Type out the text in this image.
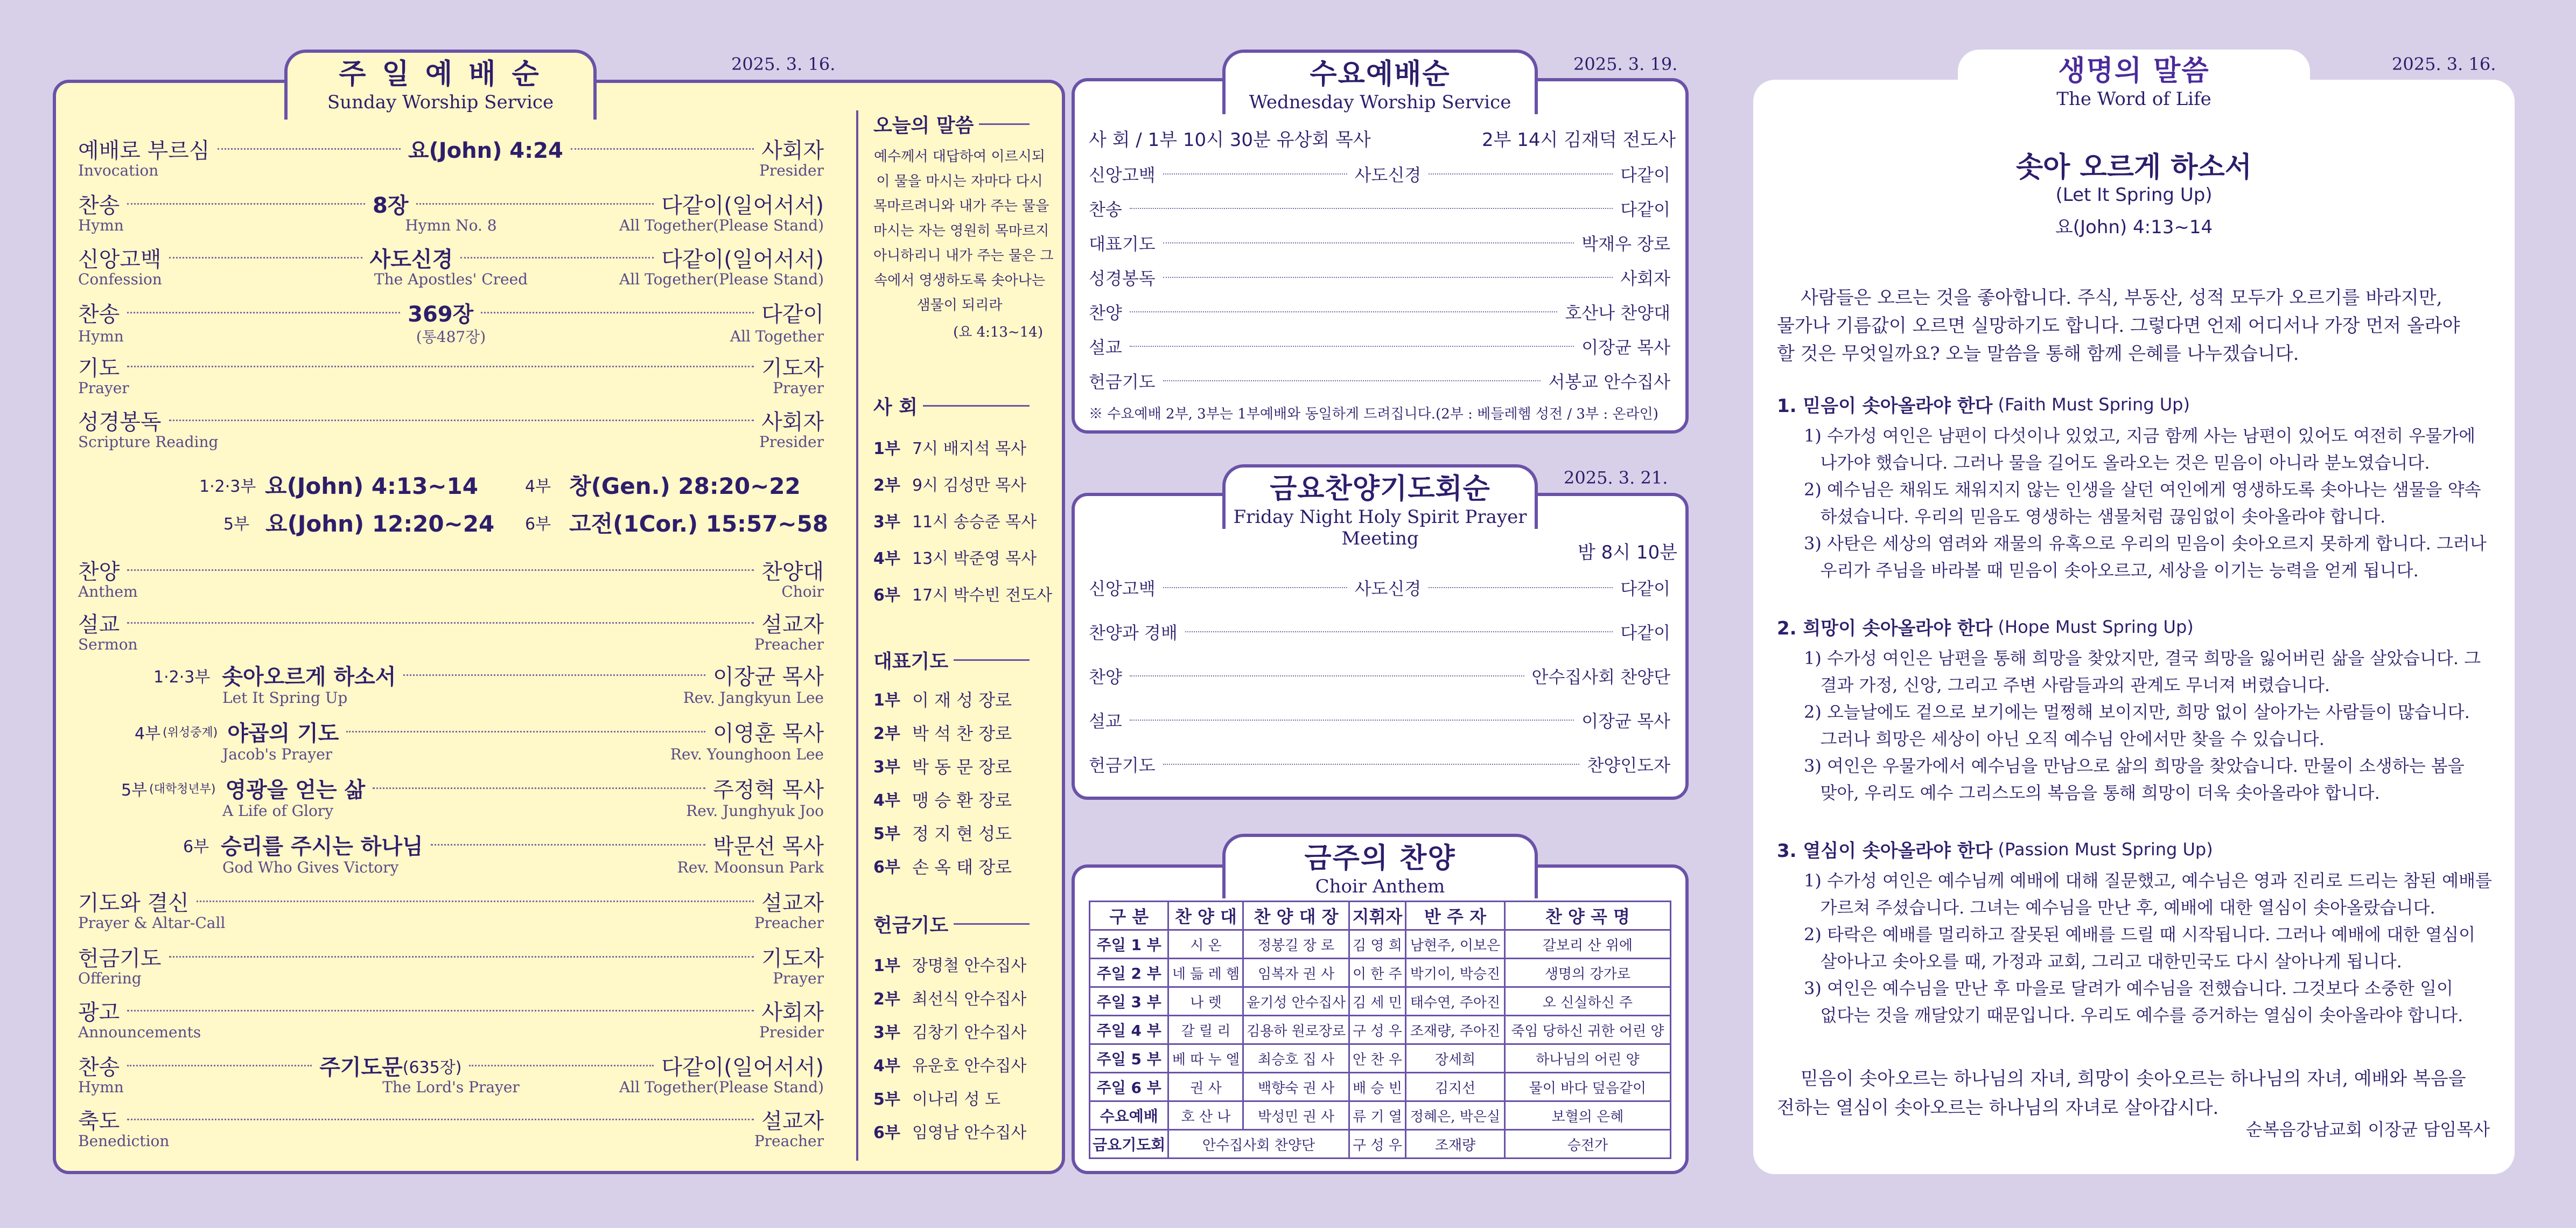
주 일 예 배 순
Sunday Worship Service
2025. 3. 16.
예배로 부르심	요(John) 4:24	사회자
Invocation	Presider
찬송	8장	다같이(일어서서)
Hymn	Hymn No. 8	All Together(Please Stand)
신앙고백	사도신경	다같이(일어서서)
Confession	The Apostles' Creed	All Together(Please Stand)
찬송	369장	다같이
Hymn	(통487장)	All Together
기도	기도자
Prayer	Prayer
성경봉독	사회자
Scripture Reading	Presider
1·2·3부 요(John) 4:13~14	4부 창(Gen.) 28:20~22
5부 요(John) 12:20~24 6부 고전(1Cor.) 15:57~58
찬양	찬양대
Anthem	Choir
설교	설교자
Sermon	Preacher
1·2·3부 솟아오르게 하소서	이장균 목사
Let It Spring Up	Rev. Jangkyun Lee
4부 (위성중계) 야곱의 기도	이영훈 목사
Jacob's Prayer	Rev. Younghoon Lee
5부 (대학청년부) 영광을 얻는 삶	주정혁 목사
A Life of Glory	Rev. Junghyuk Joo
6부 승리를 주시는 하나님	박문선 목사
God Who Gives Victory	Rev. Moonsun Park
기도와 결신	설교자
Prayer & Altar-Call	Preacher
헌금기도	기도자
Offering	Prayer
광고	사회자
Announcements	Presider
찬송	주기도문 (635장)	다같이(일어서서)
Hymn	The Lord's Prayer	All Together(Please Stand)
축도	설교자
Benediction	Preacher
오늘의 말씀
예수께서 대답하여 이르시되
이 물을 마시는 자마다 다시
목마르려니와 내가 주는 물을
마시는 자는 영원히 목마르지
아니하리니 내가 주는 물은 그
속에서 영생하도록 솟아나는
샘물이 되리라
(요 4:13~14)
사 회
1부 7시 배지석 목사
2부 9시 김성만 목사
3부 11시 송승준 목사
4부 13시 박준영 목사
6부 17시 박수빈 전도사
대표기도
1부 이 재 성 장로
2부 박 석 찬 장로
3부 박 동 문 장로
4부 맹 승 환 장로
5부 정 지 현 성도
6부 손 옥 태 장로
헌금기도
1부 장명철 안수집사
2부 최선식 안수집사
3부 김창기 안수집사
4부 유운호 안수집사
5부 이나리 성 도
6부 임영남 안수집사
수요예배순
Wednesday Worship Service
2025. 3. 19.
사 회 / 1부 10시 30분 유상회 목사	2부 14시 김재덕 전도사
신앙고백	사도신경	다같이
찬송	다같이
대표기도	박재우 장로
성경봉독	사회자
찬양	호산나 찬양대
설교	이장균 목사
헌금기도	서봉교 안수집사
※ 수요예배 2부, 3부는 1부예배와 동일하게 드려집니다.(2부 : 베들레헴 성전 / 3부 : 온라인)
금요찬양기도회순
Friday Night Holy Spirit Prayer Meeting
2025. 3. 21.
밤 8시 10분
신앙고백	사도신경	다같이
찬양과 경배	다같이
찬양	안수집사회 찬양단
설교	이장균 목사
헌금기도	찬양인도자
금주의 찬양
Choir Anthem
구 분	찬 양 대	찬 양 대 장	지휘자	반 주 자	찬 양 곡 명
주일 1 부	시 온	정봉길 장 로	김 영 희	남현주, 이보은	갈보리 산 위에
주일 2 부	네 듦 레 헴	임복자 권 사	이 한 주	박기이, 박승진	생명의 강가로
주일 3 부	나 렛	윤기성 안수집사	김 세 민	태수연, 주아진	오 신실하신 주
주일 4 부	갈 릴 리	김용하 원로장로	구 성 우	조재량, 주아진	죽임 당하신 귀한 어린 양
주일 5 부	베 따 누 엘	최승호 집 사	안 찬 우	장세희	하나님의 어린 양
주일 6 부	권 사	백향숙 권 사	배 승 빈	김지선	물이 바다 덮음같이
수요예배	호 산 나	박성민 권 사	류 기 열	정혜은, 박은실	보혈의 은혜
금요기도회	안수집사회 찬양단		구 성 우	조재량	승전가
생명의 말씀
The Word of Life
2025. 3. 16.
솟아 오르게 하소서
(Let It Spring Up)
요(John) 4:13~14
사람들은 오르는 것을 좋아합니다. 주식, 부동산, 성적 모두가 오르기를 바라지만,
물가나 기름값이 오르면 실망하기도 합니다. 그렇다면 언제 어디서나 가장 먼저 올라야
할 것은 무엇일까요? 오늘 말씀을 통해 함께 은혜를 나누겠습니다.
1. 믿음이 솟아올라야 한다 (Faith Must Spring Up)
1) 수가성 여인은 남편이 다섯이나 있었고, 지금 함께 사는 남편이 있어도 여전히 우물가에
나가야 했습니다. 그러나 물을 길어도 올라오는 것은 믿음이 아니라 분노였습니다.
2) 예수님은 채워도 채워지지 않는 인생을 살던 여인에게 영생하도록 솟아나는 샘물을 약속
하셨습니다. 우리의 믿음도 영생하는 샘물처럼 끊임없이 솟아올라야 합니다.
3) 사탄은 세상의 염려와 재물의 유혹으로 우리의 믿음이 솟아오르지 못하게 합니다. 그러나
우리가 주님을 바라볼 때 믿음이 솟아오르고, 세상을 이기는 능력을 얻게 됩니다.
2. 희망이 솟아올라야 한다 (Hope Must Spring Up)
1) 수가성 여인은 남편을 통해 희망을 찾았지만, 결국 희망을 잃어버린 삶을 살았습니다. 그
결과 가정, 신앙, 그리고 주변 사람들과의 관계도 무너져 버렸습니다.
2) 오늘날에도 겉으로 보기에는 멀쩡해 보이지만, 희망 없이 살아가는 사람들이 많습니다.
그러나 희망은 세상이 아닌 오직 예수님 안에서만 찾을 수 있습니다.
3) 여인은 우물가에서 예수님을 만남으로 삶의 희망을 찾았습니다. 만물이 소생하는 봄을
맞아, 우리도 예수 그리스도의 복음을 통해 희망이 더욱 솟아올라야 합니다.
3. 열심이 솟아올라야 한다 (Passion Must Spring Up)
1) 수가성 여인은 예수님께 예배에 대해 질문했고, 예수님은 영과 진리로 드리는 참된 예배를
가르쳐 주셨습니다. 그녀는 예수님을 만난 후, 예배에 대한 열심이 솟아올랐습니다.
2) 타락은 예배를 멀리하고 잘못된 예배를 드릴 때 시작됩니다. 그러나 예배에 대한 열심이
살아나고 솟아오를 때, 가정과 교회, 그리고 대한민국도 다시 살아나게 됩니다.
3) 여인은 예수님을 만난 후 마을로 달려가 예수님을 전했습니다. 그것보다 소중한 일이
없다는 것을 깨달았기 때문입니다. 우리도 예수를 증거하는 열심이 솟아올라야 합니다.
믿음이 솟아오르는 하나님의 자녀, 희망이 솟아오르는 하나님의 자녀, 예배와 복음을
전하는 열심이 솟아오르는 하나님의 자녀로 살아갑시다.
순복음강남교회 이장균 담임목사
